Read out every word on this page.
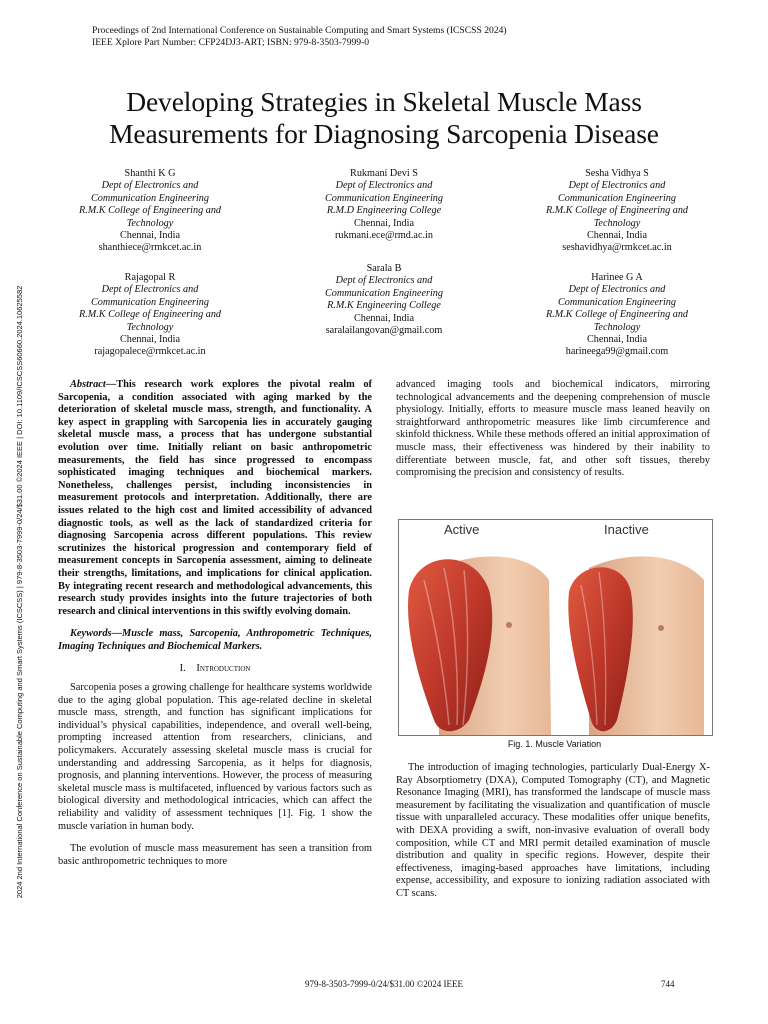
Proceedings of 2nd International Conference on Sustainable Computing and Smart Systems (ICSCSS 2024)
IEEE Xplore Part Number: CFP24DJ3-ART; ISBN: 979-8-3503-7999-0
2024 2nd International Conference on Sustainable Computing and Smart Systems (ICSCSS) | 979-8-3503-7999-0/24/$31.00 ©2024 IEEE | DOI: 10.1109/ICSCSS60660.2024.10625582
Developing Strategies in Skeletal Muscle Mass
Measurements for Diagnosing Sarcopenia Disease
Shanthi K G
Dept of Electronics and
Communication Engineering
R.M.K College of Engineering and
Technology
Chennai, India
shanthiece@rmkcet.ac.in
Rukmani Devi S
Dept of Electronics and
Communication Engineering
R.M.D Engineering College
Chennai, India
rukmani.ece@rmd.ac.in
Sesha Vidhya S
Dept of Electronics and
Communication Engineering
R.M.K College of Engineering and
Technology
Chennai, India
seshavidhya@rmkcet.ac.in
Rajagopal R
Dept of Electronics and
Communication Engineering
R.M.K College of Engineering and
Technology
Chennai, India
rajagopalece@rmkcet.ac.in
Sarala B
Dept of Electronics and
Communication Engineering
R.M.K Engineering College
Chennai, India
saralailangovan@gmail.com
Harinee G A
Dept of Electronics and
Communication Engineering
R.M.K College of Engineering and
Technology
Chennai, India
harineega99@gmail.com

Abstract—This research work explores the pivotal realm of Sarcopenia, a condition associated with aging marked by the deterioration of skeletal muscle mass, strength, and functionality. A key aspect in grappling with Sarcopenia lies in accurately gauging skeletal muscle mass, a process that has undergone substantial evolution over time. Initially reliant on basic anthropometric measurements, the field has since progressed to encompass sophisticated imaging techniques and biochemical markers. Nonetheless, challenges persist, including inconsistencies in measurement protocols and interpretation. Additionally, there are issues related to the high cost and limited accessibility of advanced diagnostic tools, as well as the lack of standardized criteria for diagnosing Sarcopenia across different populations. This review scrutinizes the historical progression and contemporary field of measurement concepts in Sarcopenia assessment, aiming to delineate their strengths, limitations, and implications for clinical application. By integrating recent research and methodological advancements, this research study provides insights into the future trajectories of both research and clinical interventions in this swiftly evolving domain.

Keywords—Muscle mass, Sarcopenia, Anthropometric Techniques, Imaging Techniques and Biochemical Markers.

I. Introduction

Sarcopenia poses a growing challenge for healthcare systems worldwide due to the aging global population. This age-related decline in skeletal muscle mass, strength, and function has significant implications for individual’s physical capabilities, independence, and overall well-being, prompting increased attention from researchers, clinicians, and policymakers. Accurately assessing skeletal muscle mass is crucial for understanding and addressing Sarcopenia, as it helps for diagnosis, prognosis, and planning interventions. However, the process of measuring skeletal muscle mass is multifaceted, influenced by various factors such as biological diversity and methodological intricacies, which can affect the reliability and validity of assessment techniques [1]. Fig. 1 show the muscle variation in human body.

The evolution of muscle mass measurement has seen a transition from basic anthropometric techniques to more

advanced imaging tools and biochemical indicators, mirroring technological advancements and the deepening comprehension of muscle physiology. Initially, efforts to measure muscle mass leaned heavily on straightforward anthropometric measures like limb circumference and skinfold thickness. While these methods offered an initial approximation of muscle mass, their effectiveness was hindered by their inability to differentiate between muscle, fat, and other soft tissues, thereby compromising the precision and consistency of results.

Active	Inactive
Fig. 1. Muscle Variation

The introduction of imaging technologies, particularly Dual-Energy X-Ray Absorptiometry (DXA), Computed Tomography (CT), and Magnetic Resonance Imaging (MRI), has transformed the landscape of muscle mass measurement by facilitating the visualization and quantification of muscle tissue with unparalleled accuracy. These modalities offer unique benefits, with DEXA providing a swift, non-invasive evaluation of overall body composition, while CT and MRI permit detailed examination of muscle distribution and quality in specific regions. However, despite their effectiveness, imaging-based approaches have limitations, including expense, accessibility, and exposure to ionizing radiation associated with CT scans.

979-8-3503-7999-0/24/$31.00 ©2024 IEEE	744
